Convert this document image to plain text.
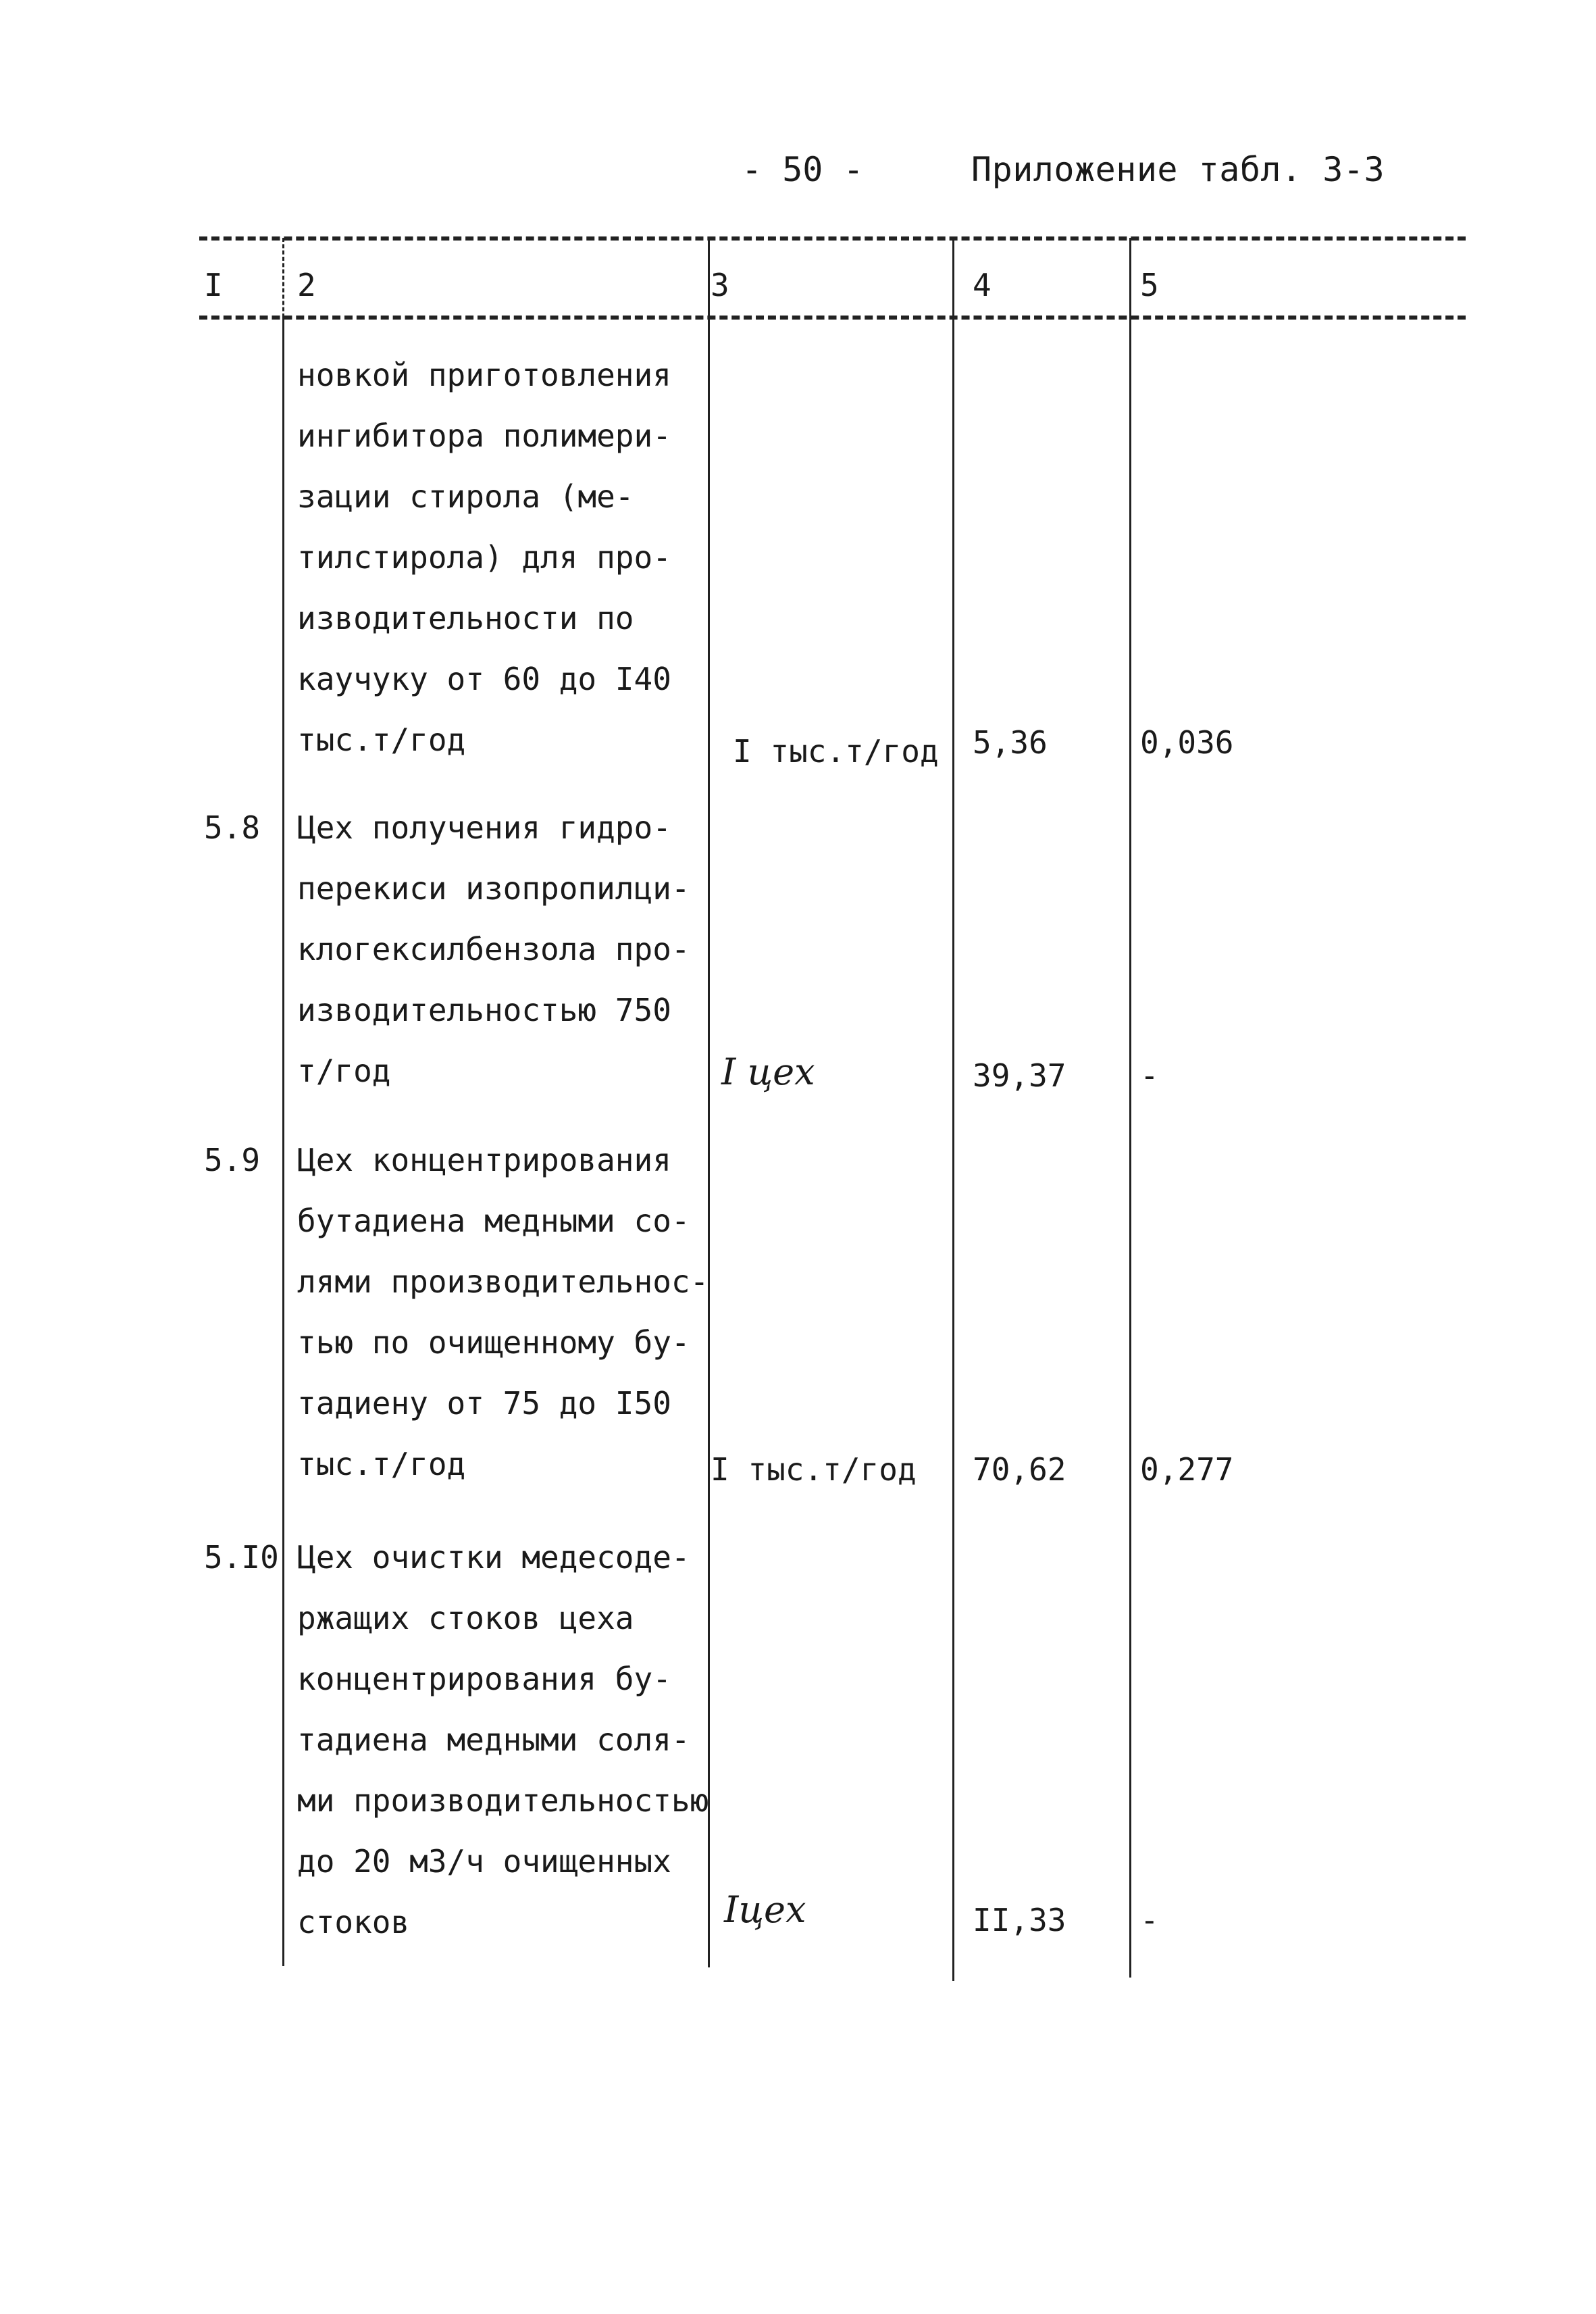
- 50 -	Приложение табл. 3-3
I 2	3	4	5
новкой приготовления
ингибитора полимери-
зации стирола (ме-
тилстирола) для про-
изводительности по
каучуку от 60 до I40
тыс.т/год	I тыс.т/год 5,36	0,036
5.8 Цех получения гидро-
перекиси изопропилци-
клогексилбензола про-
изводительностью 750
т/год	I цех	39,37 -
5.9 Цех концентрирования
бутадиена медными со-
лями производительнос-
тью по очищенному бу-
тадиену от 75 до I50
тыс.т/год	I тыс.т/год 70,62 0,277
5.I0 Цех очистки медесоде-
ржащих стоков цеха
концентрирования бу-
тадиена медными соля-
ми производительностью
до 20 м3/ч очищенных
стоков	Iцех	II,33 -
